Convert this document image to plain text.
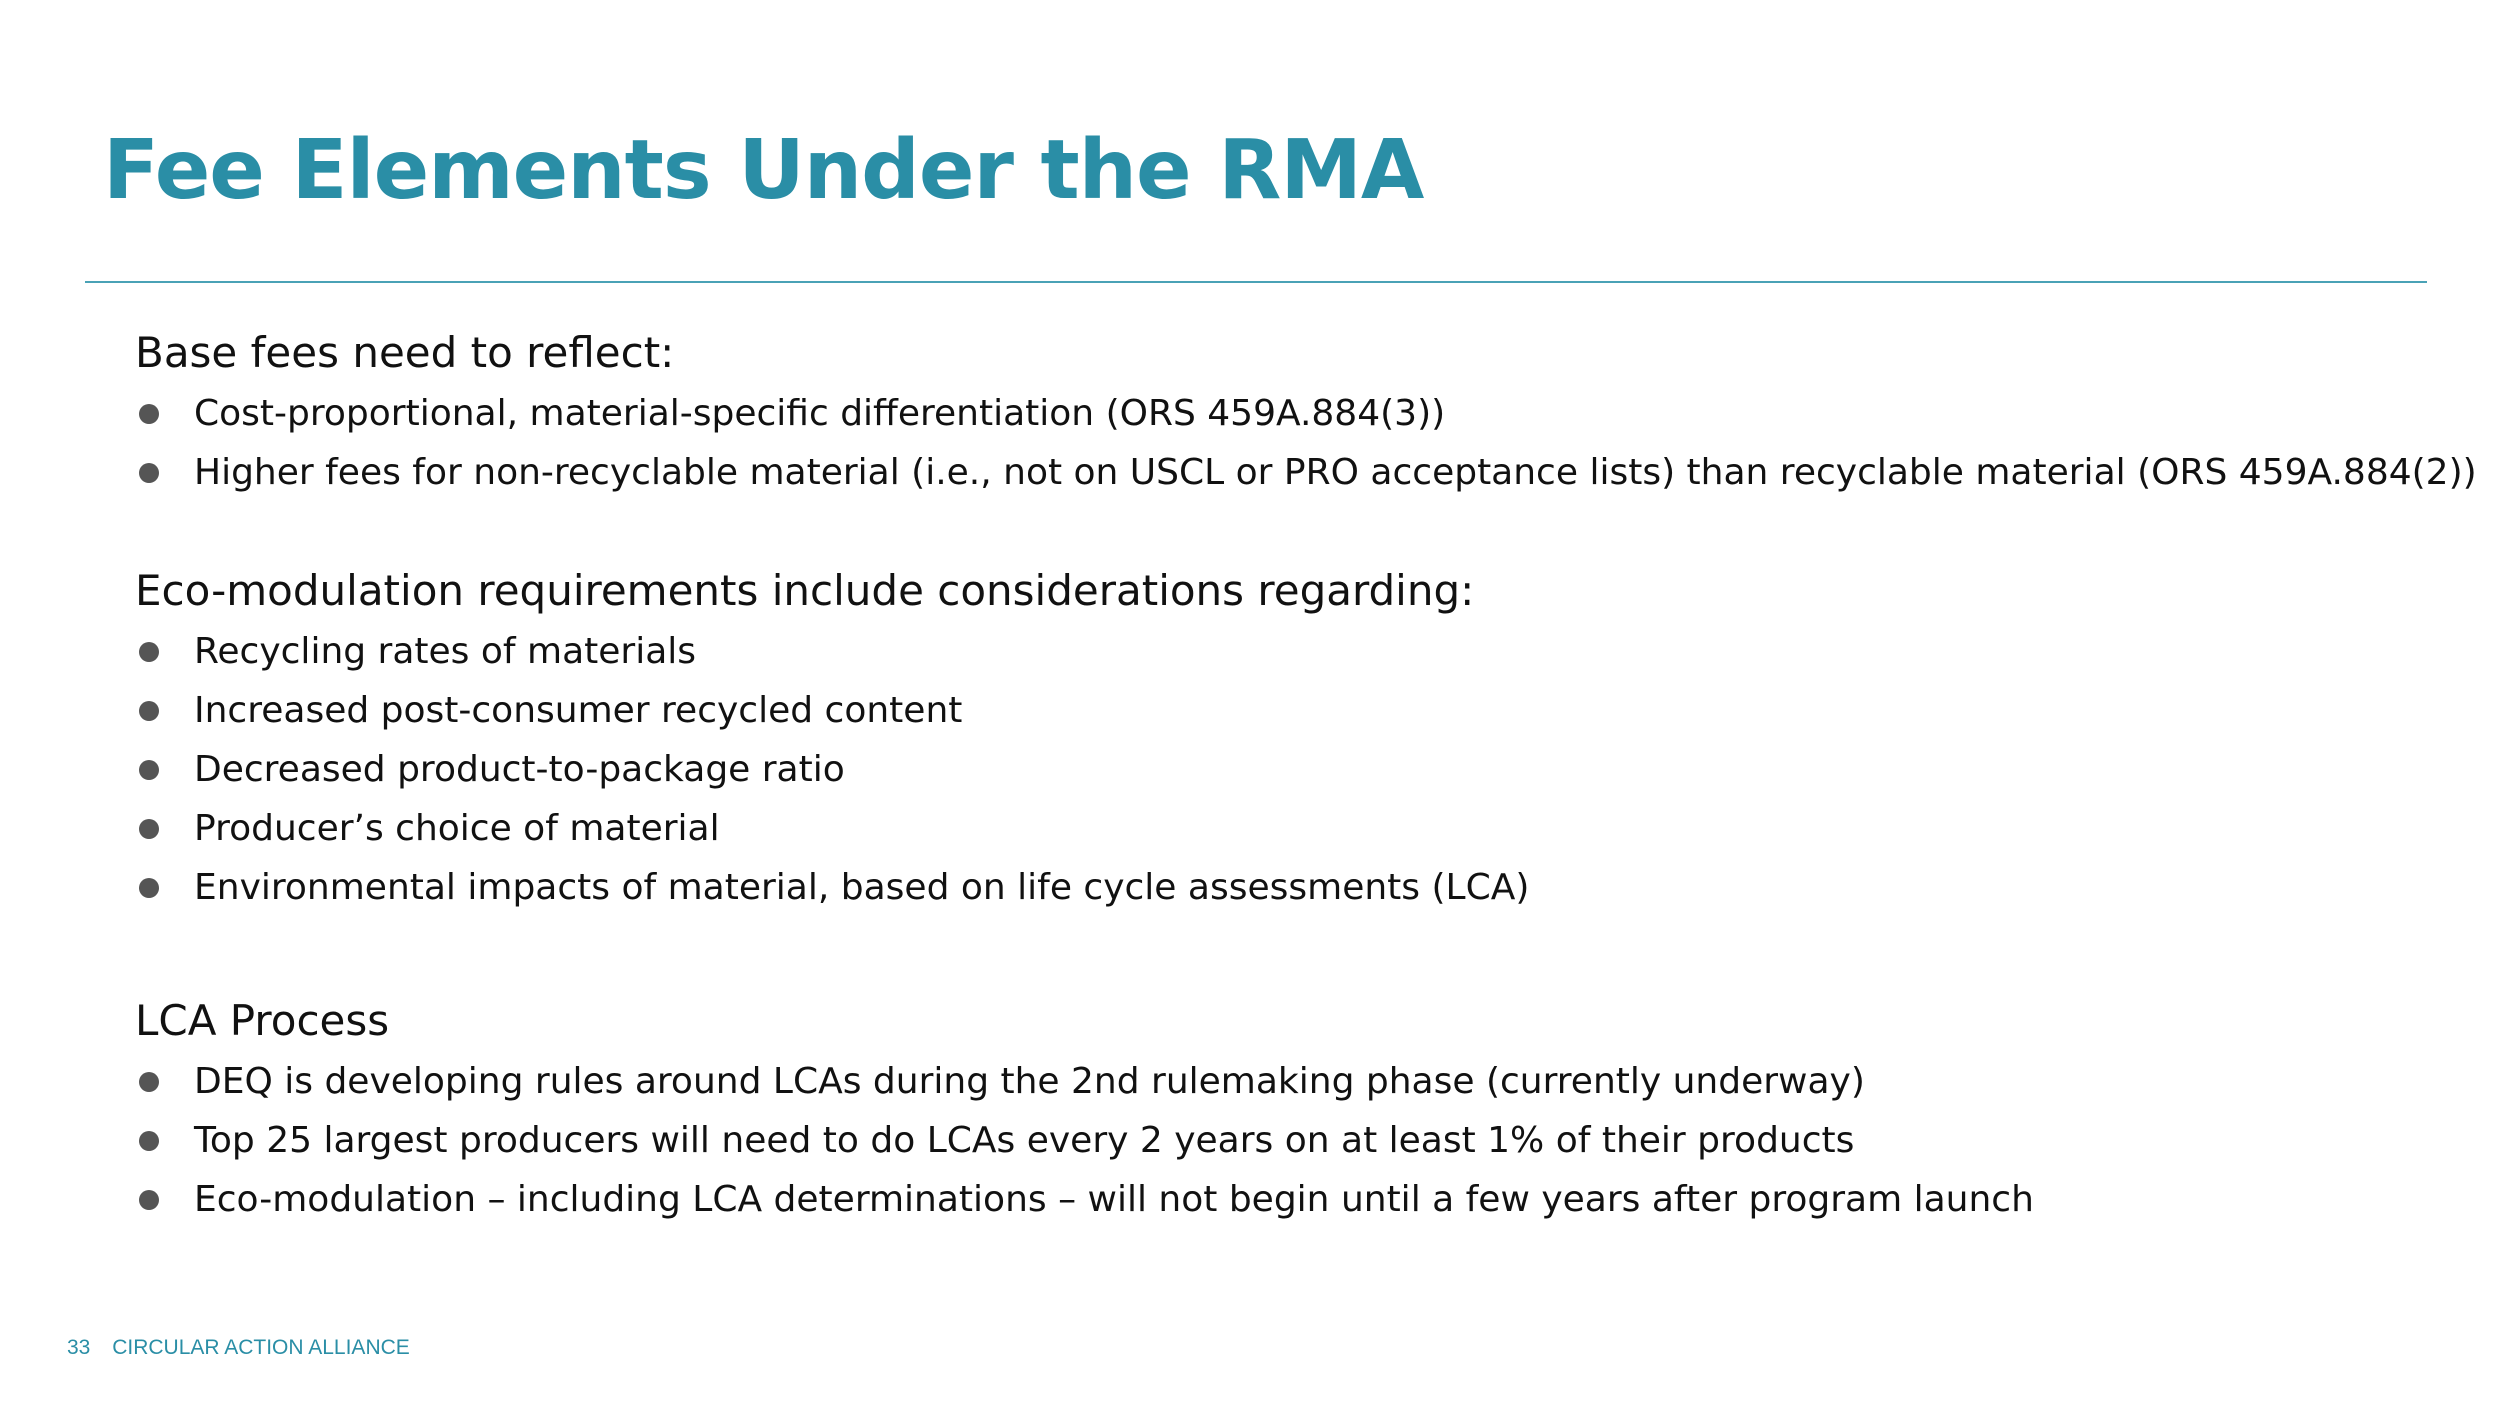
Fee Elements Under the RMA
Base fees need to reflect:
Cost-proportional, material-specific differentiation (ORS 459A.884(3))
Higher fees for non-recyclable material (i.e., not on USCL or PRO acceptance lists) than recyclable material (ORS 459A.884(2))
Eco-modulation requirements include considerations regarding:
Recycling rates of materials
Increased post-consumer recycled content
Decreased product-to-package ratio
Producer’s choice of material
Environmental impacts of material, based on life cycle assessments (LCA)
LCA Process
DEQ is developing rules around LCAs during the 2nd rulemaking phase (currently underway)
Top 25 largest producers will need to do LCAs every 2 years on at least 1% of their products
Eco-modulation – including LCA determinations – will not begin until a few years after program launch
33 CIRCULAR ACTION ALLIANCE
